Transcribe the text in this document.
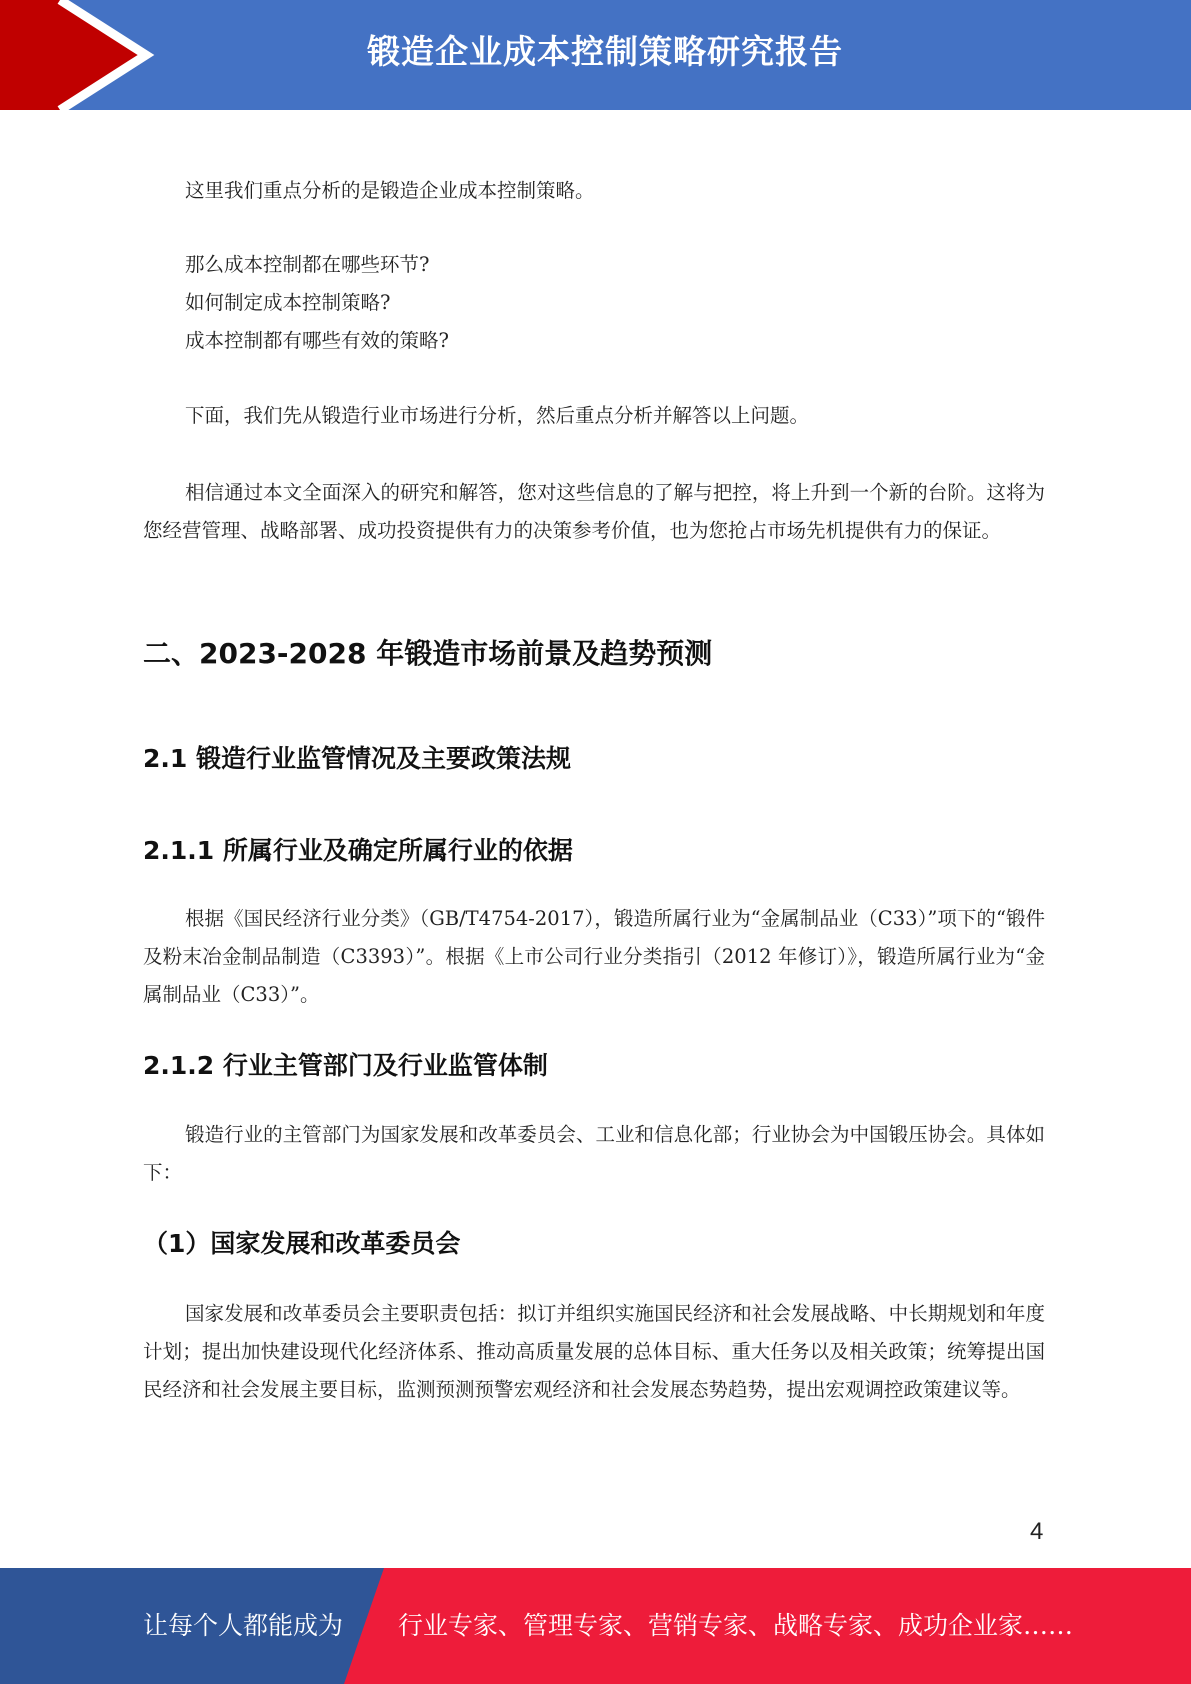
锻造企业成本控制策略研究报告
这里我们重点分析的是锻造企业成本控制策略。
那么成本控制都在哪些环节?
如何制定成本控制策略?
成本控制都有哪些有效的策略?
下面，我们先从锻造行业市场进行分析，然后重点分析并解答以上问题。

相信通过本文全面深入的研究和解答，您对这些信息的了解与把控，将上升到一个新的台阶。这将为您经营管理、战略部署、成功投资提供有力的决策参考价值，也为您抢占市场先机提供有力的保证。

二、2023-2028 年锻造市场前景及趋势预测
2.1 锻造行业监管情况及主要政策法规
2.1.1 所属行业及确定所属行业的依据

根据《国民经济行业分类》（GB/T4754-2017），锻造所属行业为“金属制品业（C33）”项下的“锻件及粉末冶金制品制造（C3393）”。根据《上市公司行业分类指引（2012 年修订）》，锻造所属行业为“金属制品业（C33）”。

2.1.2 行业主管部门及行业监管体制

锻造行业的主管部门为国家发展和改革委员会、工业和信息化部；行业协会为中国锻压协会。具体如下：

（1）国家发展和改革委员会

国家发展和改革委员会主要职责包括：拟订并组织实施国民经济和社会发展战略、中长期规划和年度计划；提出加快建设现代化经济体系、推动高质量发展的总体目标、重大任务以及相关政策；统筹提出国民经济和社会发展主要目标，监测预测预警宏观经济和社会发展态势趋势，提出宏观调控政策建议等。

4
让每个人都能成为 行业专家、管理专家、营销专家、战略专家、成功企业家……
